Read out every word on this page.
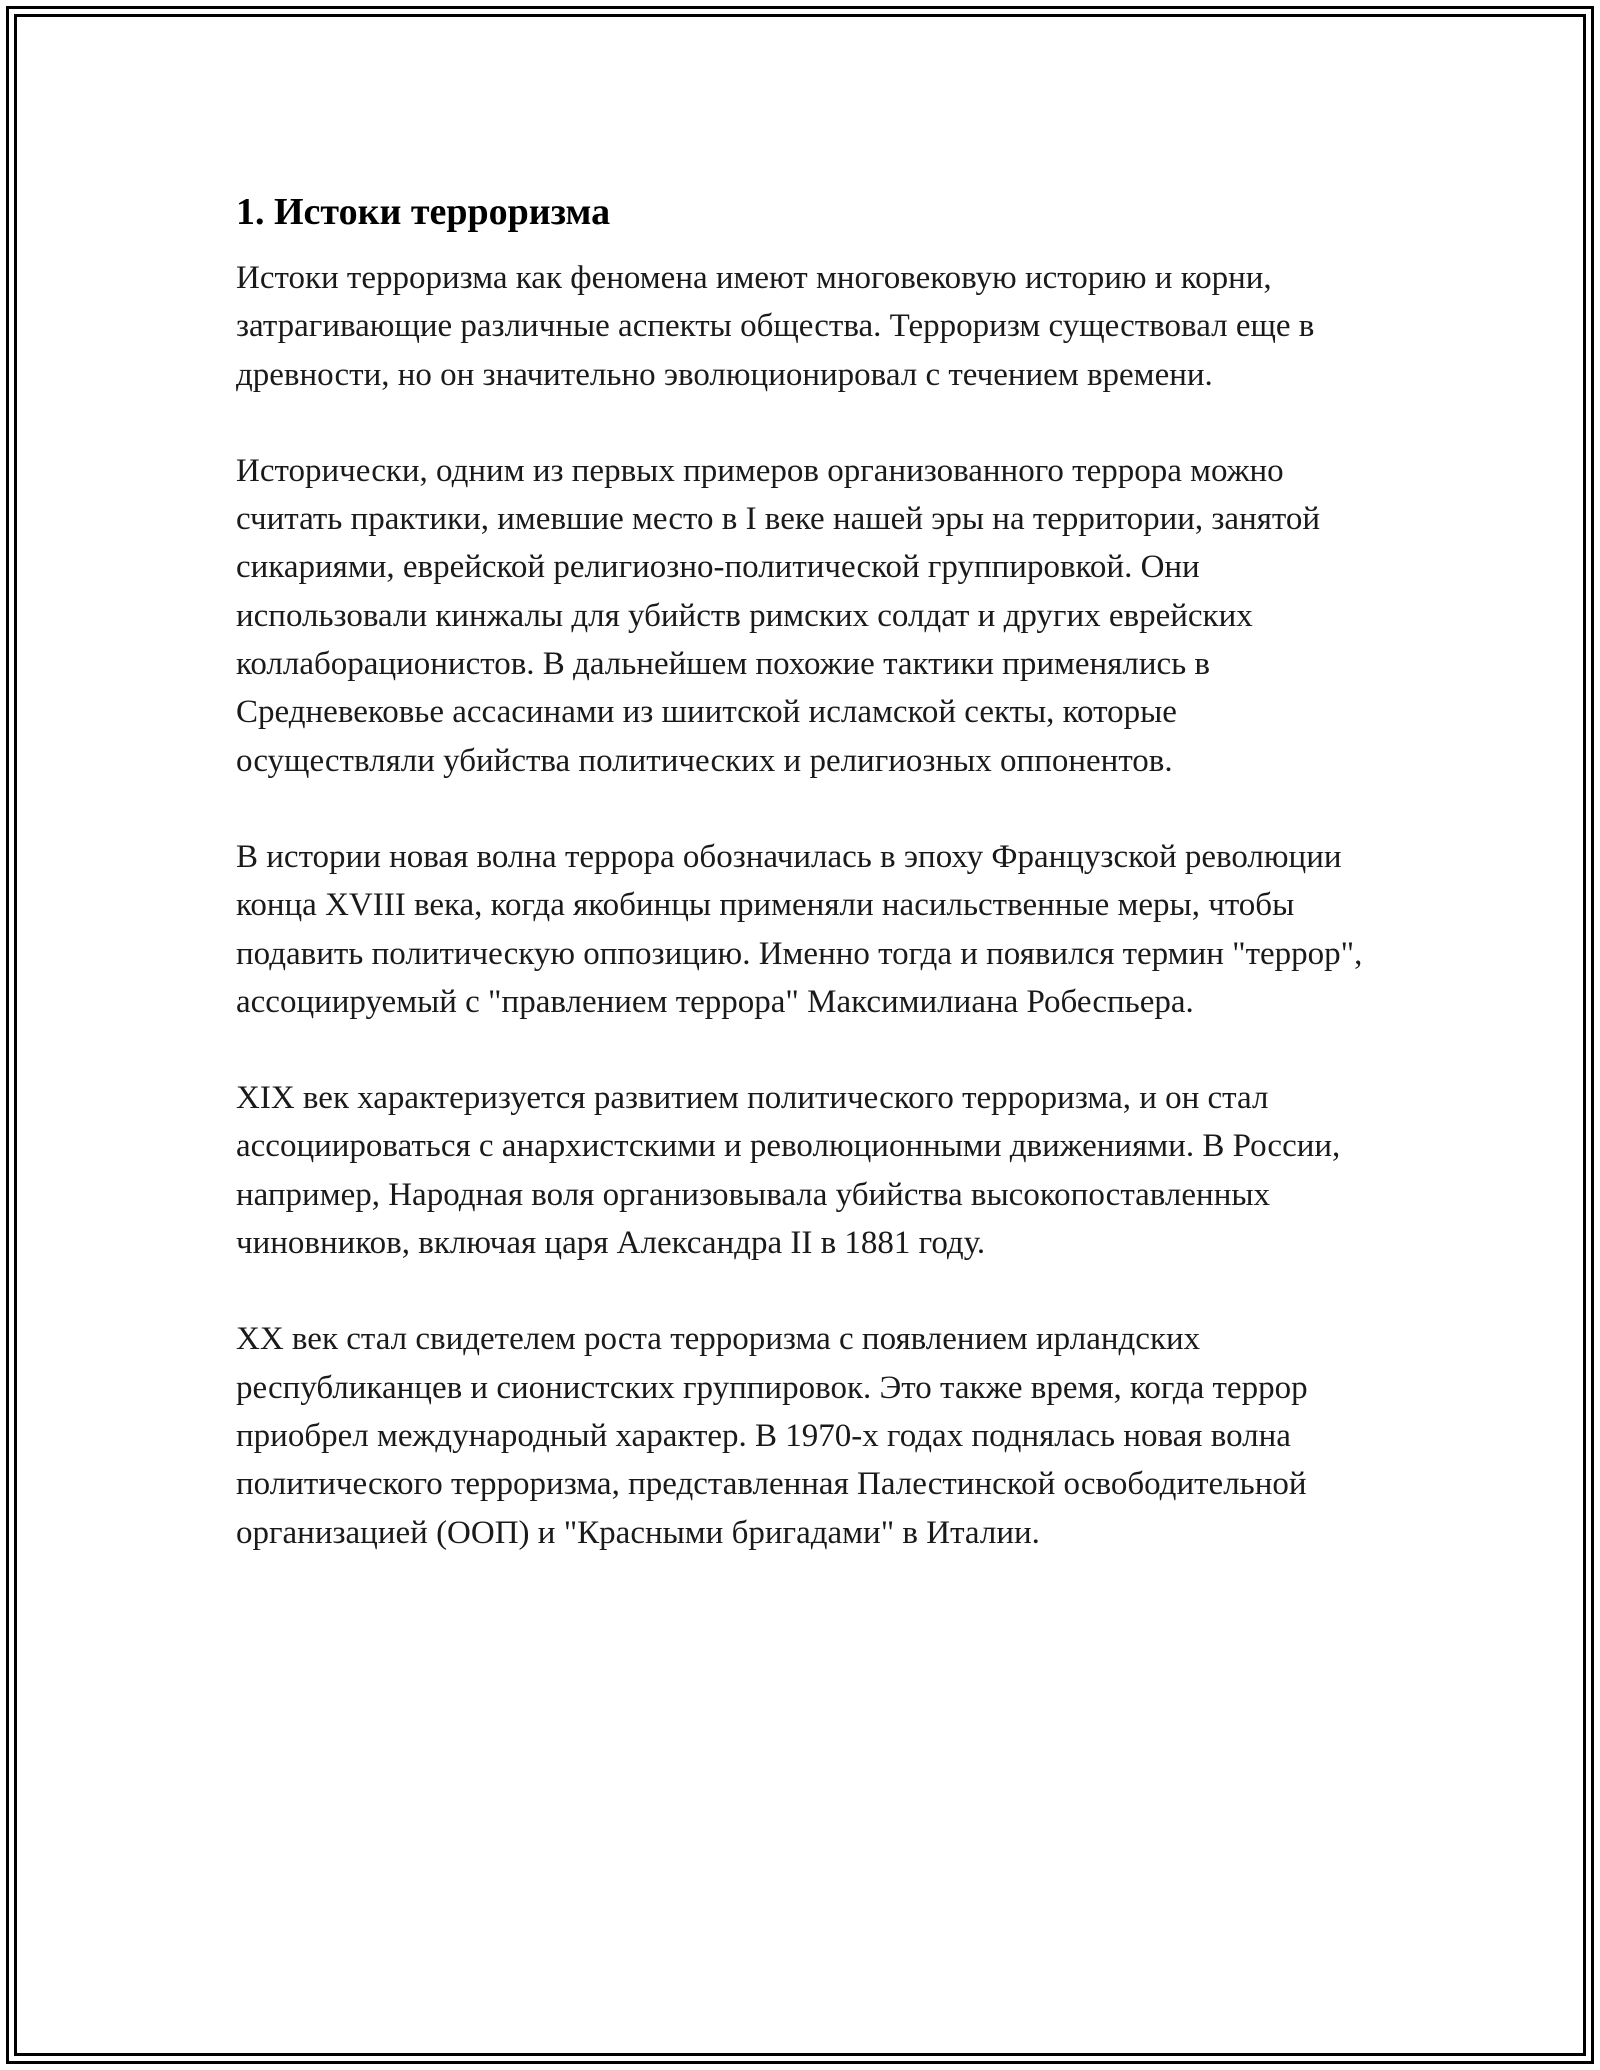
1. Истоки терроризма

Истоки терроризма как феномена имеют многовековую историю и корни, затрагивающие различные аспекты общества. Терроризм существовал еще в древности, но он значительно эволюционировал с течением времени.

Исторически, одним из первых примеров организованного террора можно считать практики, имевшие место в I веке нашей эры на территории, занятой сикариями, еврейской религиозно-политической группировкой. Они использовали кинжалы для убийств римских солдат и других еврейских коллаборационистов. В дальнейшем похожие тактики применялись в Средневековье ассасинами из шиитской исламской секты, которые осуществляли убийства политических и религиозных оппонентов.

В истории новая волна террора обозначилась в эпоху Французской революции конца XVIII века, когда якобинцы применяли насильственные меры, чтобы подавить политическую оппозицию. Именно тогда и появился термин "террор", ассоциируемый с "правлением террора" Максимилиана Робеспьера.

XIX век характеризуется развитием политического терроризма, и он стал ассоциироваться с анархистскими и революционными движениями. В России, например, Народная воля организовывала убийства высокопоставленных чиновников, включая царя Александра II в 1881 году.

XX век стал свидетелем роста терроризма с появлением ирландских республиканцев и сионистских группировок. Это также время, когда террор приобрел международный характер. В 1970-х годах поднялась новая волна политического терроризма, представленная Палестинской освободительной организацией (ООП) и "Красными бригадами" в Италии.
